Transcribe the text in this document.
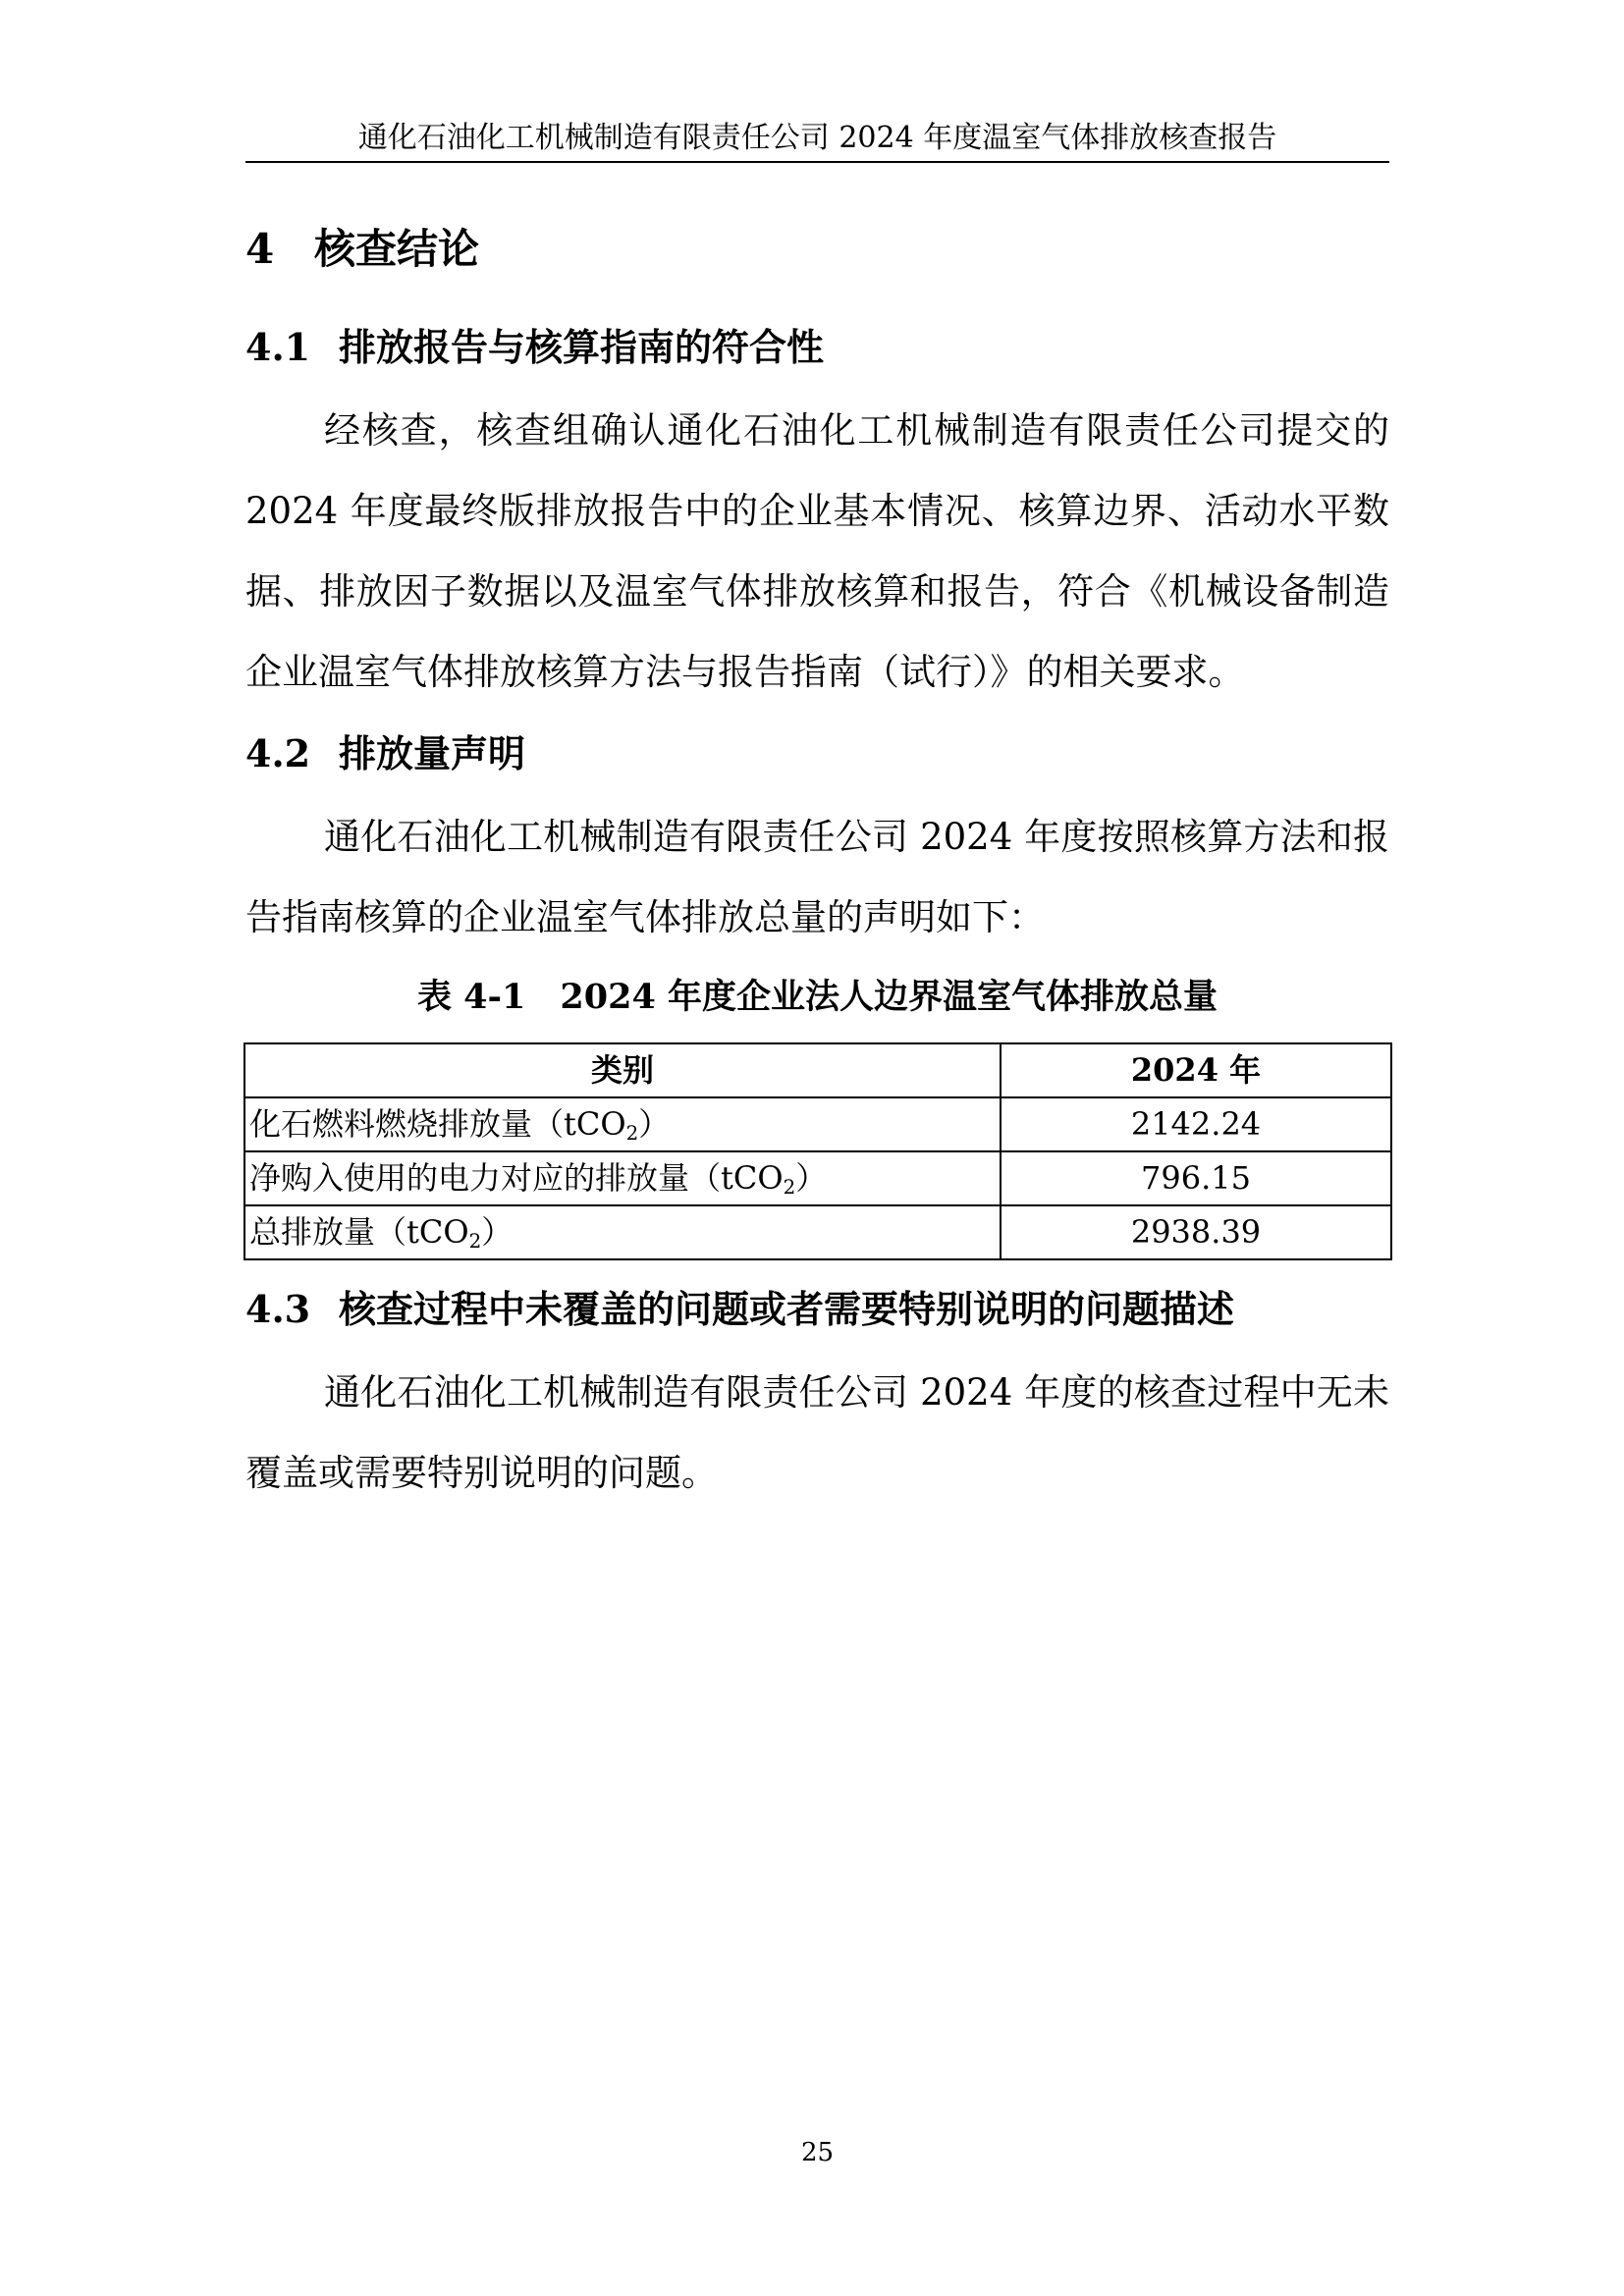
通化石油化工机械制造有限责任公司 2024 年度温室气体排放核查报告
4 核查结论
4.1 排放报告与核算指南的符合性
经核查，核查组确认通化石油化工机械制造有限责任公司提交的 2024 年度最终版排放报告中的企业基本情况、核算边界、活动水平数据、排放因子数据以及温室气体排放核算和报告，符合《机械设备制造企业温室气体排放核算方法与报告指南（试行）》的相关要求。
4.2 排放量声明
通化石油化工机械制造有限责任公司 2024 年度按照核算方法和报告指南核算的企业温室气体排放总量的声明如下：
表 4-1　2024 年度企业法人边界温室气体排放总量
类别	2024 年
化石燃料燃烧排放量（tCO$_2$）	2142.24
净购入使用的电力对应的排放量（tCO$_2$）	796.15
总排放量（tCO$_2$）	2938.39
4.3 核查过程中未覆盖的问题或者需要特别说明的问题描述
通化石油化工机械制造有限责任公司 2024 年度的核查过程中无未覆盖或需要特别说明的问题。
25
